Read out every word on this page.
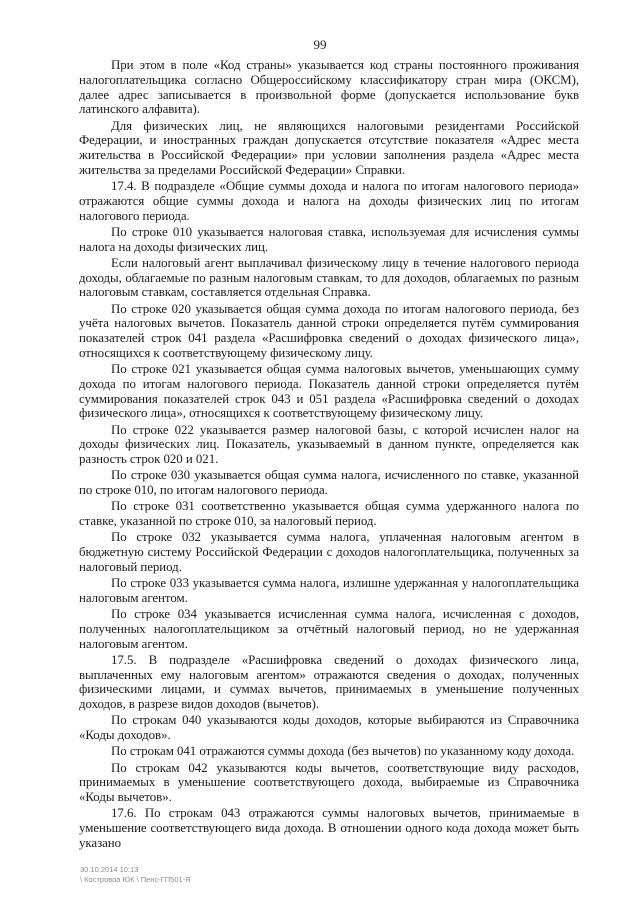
99

При этом в поле «Код страны» указывается код страны постоянного проживания налогоплательщика согласно Общероссийскому классификатору стран мира (ОКСМ), далее адрес записывается в произвольной форме (допускается использование букв латинского алфавита).

Для физических лиц, не являющихся налоговыми резидентами Российской Федерации, и иностранных граждан допускается отсутствие показателя «Адрес места жительства в Российской Федерации» при условии заполнения раздела «Адрес места жительства за пределами Российской Федерации» Справки.

17.4. В подразделе «Общие суммы дохода и налога по итогам налогового периода» отражаются общие суммы дохода и налога на доходы физических лиц по итогам налогового периода.

По строке 010 указывается налоговая ставка, используемая для исчисления суммы налога на доходы физических лиц.

Если налоговый агент выплачивал физическому лицу в течение налогового периода доходы, облагаемые по разным налоговым ставкам, то для доходов, облагаемых по разным налоговым ставкам, составляется отдельная Справка.

По строке 020 указывается общая сумма дохода по итогам налогового периода, без учёта налоговых вычетов. Показатель данной строки определяется путём суммирования показателей строк 041 раздела «Расшифровка сведений о доходах физического лица», относящихся к соответствующему физическому лицу.

По строке 021 указывается общая сумма налоговых вычетов, уменьшающих сумму дохода по итогам налогового периода. Показатель данной строки определяется путём суммирования показателей строк 043 и 051 раздела «Расшифровка сведений о доходах физического лица», относящихся к соответствующему физическому лицу.

По строке 022 указывается размер налоговой базы, с которой исчислен налог на доходы физических лиц. Показатель, указываемый в данном пункте, определяется как разность строк 020 и 021.

По строке 030 указывается общая сумма налога, исчисленного по ставке, указанной по строке 010, по итогам налогового периода.

По строке 031 соответственно указывается общая сумма удержанного налога по ставке, указанной по строке 010, за налоговый период.

По строке 032 указывается сумма налога, уплаченная налоговым агентом в бюджетную систему Российской Федерации с доходов налогоплательщика, полученных за налоговый период.

По строке 033 указывается сумма налога, излишне удержанная у налогоплательщика налоговым агентом.

По строке 034 указывается исчисленная сумма налога, исчисленная с доходов, полученных налогоплательщиком за отчётный налоговый период, но не удержанная налоговым агентом.

17.5. В подразделе «Расшифровка сведений о доходах физического лица, выплаченных ему налоговым агентом» отражаются сведения о доходах, полученных физическими лицами, и суммах вычетов, принимаемых в уменьшение полученных доходов, в разрезе видов доходов (вычетов).

По строкам 040 указываются коды доходов, которые выбираются из Справочника «Коды доходов».

По строкам 041 отражаются суммы дохода (без вычетов) по указанному коду дохода.

По строкам 042 указываются коды вычетов, соответствующие виду расходов, принимаемых в уменьшение соответствующего дохода, выбираемые из Справочника «Коды вычетов».

17.6. По строкам 043 отражаются суммы налоговых вычетов, принимаемые в уменьшение соответствующего вида дохода. В отношении одного кода дохода может быть указано

30.10.2014 10:13
\ Костровоа ЮК \ Пенс-ГП501-Я
